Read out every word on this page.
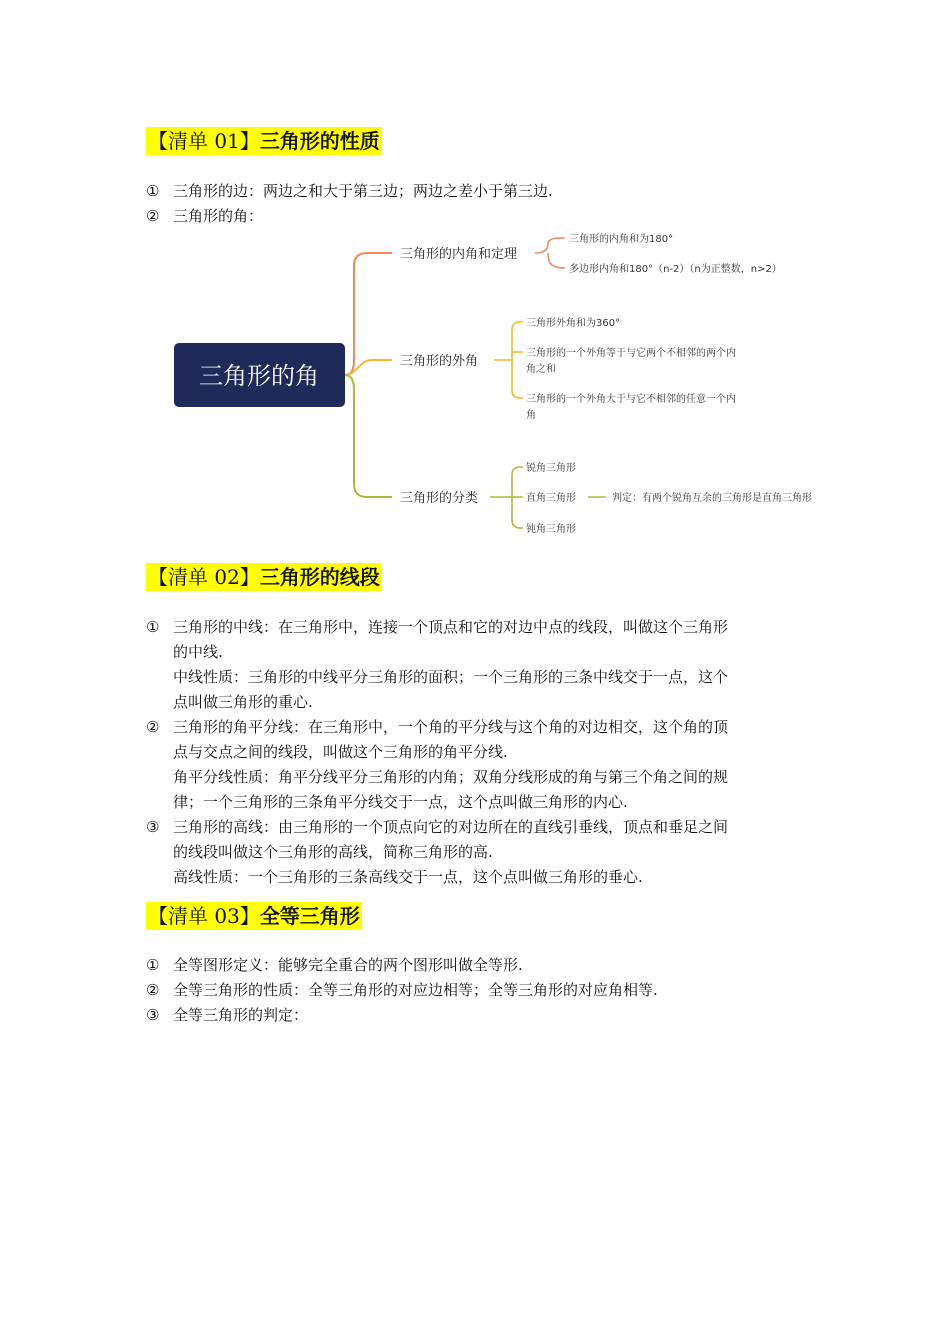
【清单 01】三角形的性质
① 三角形的边：两边之和大于第三边；两边之差小于第三边.

② 三角形的角：

三角形的角
三角形的内角和定理
三角形的内角和为180°
多边形内角和180°（n-2）（n为正整数，n>2）
三角形的外角
三角形外角和为360°
三角形的一个外角等于与它两个不相邻的两个内
角之和
三角形的一个外角大于与它不相邻的任意一个内
角
三角形的分类
锐角三角形
直角三角形	判定：有两个锐角互余的三角形是直角三角形
钝角三角形
【清单 02】三角形的线段
① 三角形的中线：在三角形中，连接一个顶点和它的对边中点的线段，叫做这个三角形

的中线.

中线性质：三角形的中线平分三角形的面积；一个三角形的三条中线交于一点，这个

点叫做三角形的重心.

② 三角形的角平分线：在三角形中，一个角的平分线与这个角的对边相交，这个角的顶

点与交点之间的线段，叫做这个三角形的角平分线.

角平分线性质：角平分线平分三角形的内角；双角分线形成的角与第三个角之间的规

律；一个三角形的三条角平分线交于一点，这个点叫做三角形的内心.

③ 三角形的高线：由三角形的一个顶点向它的对边所在的直线引垂线，顶点和垂足之间

的线段叫做这个三角形的高线，简称三角形的高.

高线性质：一个三角形的三条高线交于一点，这个点叫做三角形的垂心.

【清单 03】全等三角形
① 全等图形定义：能够完全重合的两个图形叫做全等形.

② 全等三角形的性质：全等三角形的对应边相等；全等三角形的对应角相等.

③ 全等三角形的判定：
